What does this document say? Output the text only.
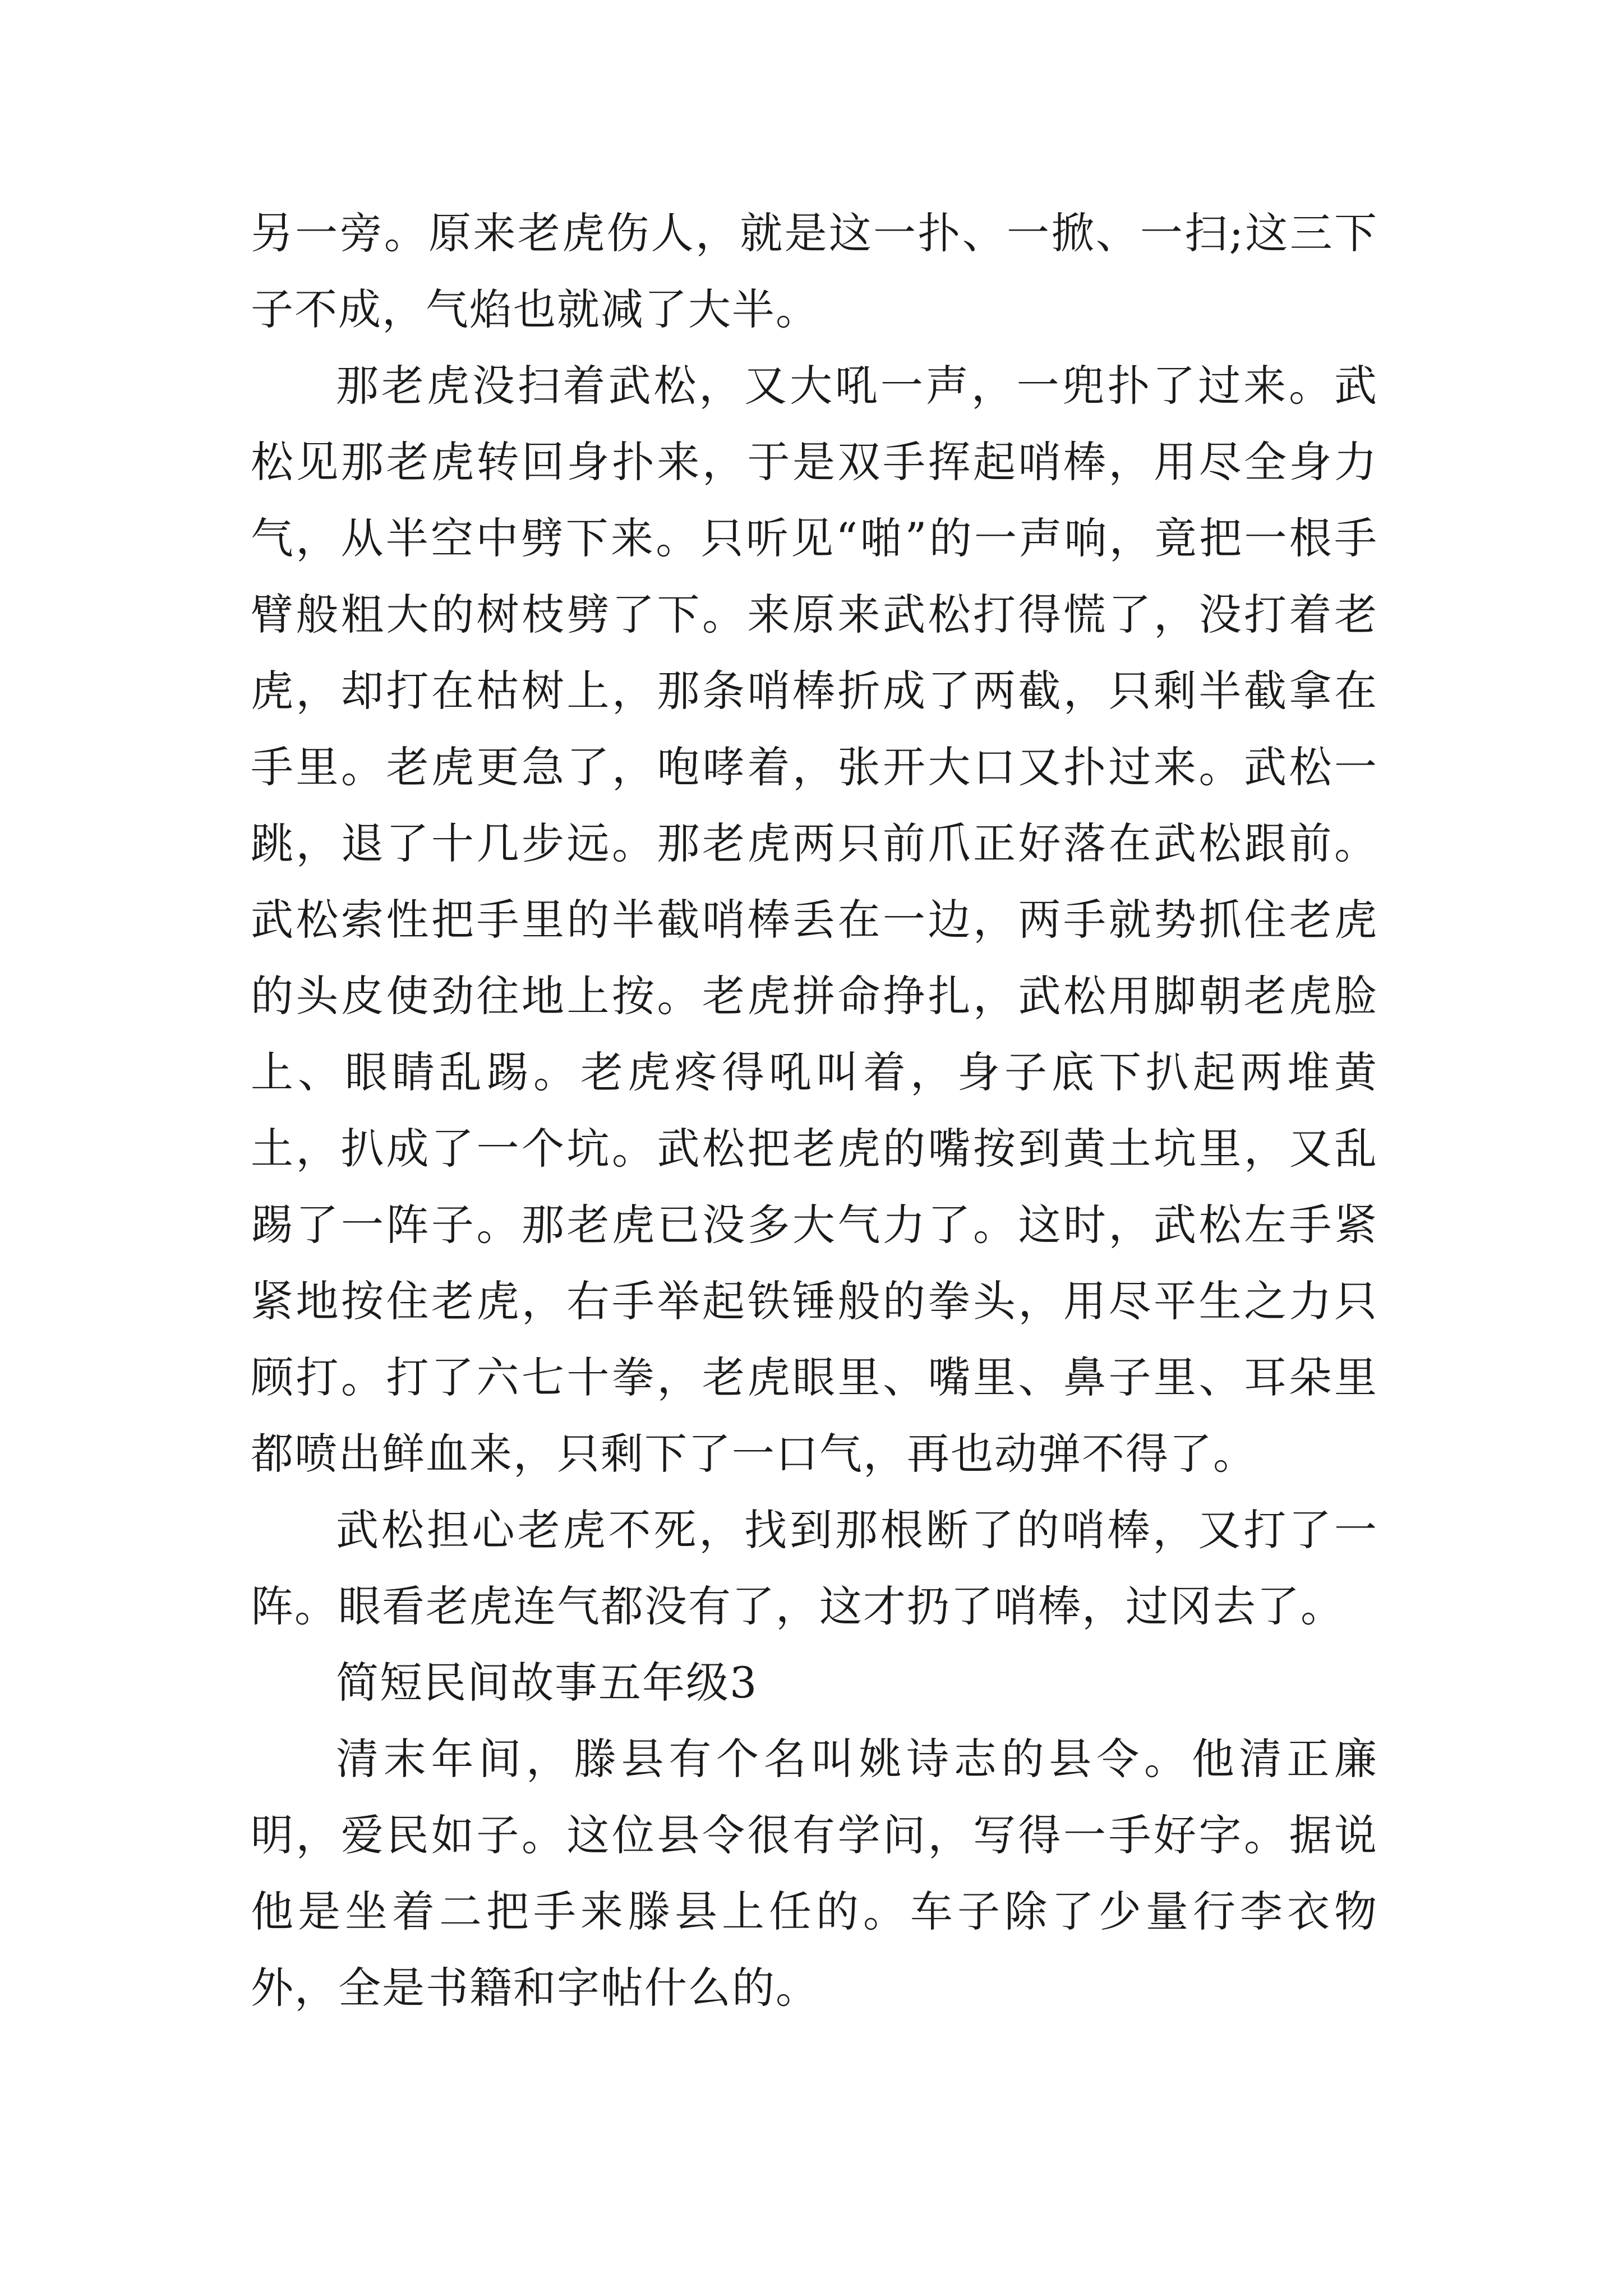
另一旁。原来老虎伤人，就是这一扑、一掀、一扫;这三下子不成，气焰也就减了大半。

那老虎没扫着武松，又大吼一声，一兜扑了过来。武松见那老虎转回身扑来，于是双手挥起哨棒，用尽全身力气，从半空中劈下来。只听见“啪”的一声响，竟把一根手臂般粗大的树枝劈了下。来原来武松打得慌了，没打着老虎，却打在枯树上，那条哨棒折成了两截，只剩半截拿在手里。老虎更急了，咆哮着，张开大口又扑过来。武松一跳，退了十几步远。那老虎两只前爪正好落在武松跟前。武松索性把手里的半截哨棒丢在一边，两手就势抓住老虎的头皮使劲往地上按。老虎拼命挣扎，武松用脚朝老虎脸上、眼睛乱踢。老虎疼得吼叫着，身子底下扒起两堆黄土，扒成了一个坑。武松把老虎的嘴按到黄土坑里，又乱踢了一阵子。那老虎已没多大气力了。这时，武松左手紧紧地按住老虎，右手举起铁锤般的拳头，用尽平生之力只顾打。打了六七十拳，老虎眼里、嘴里、鼻子里、耳朵里都喷出鲜血来，只剩下了一口气，再也动弹不得了。

武松担心老虎不死，找到那根断了的哨棒，又打了一阵。眼看老虎连气都没有了，这才扔了哨棒，过冈去了。

简短民间故事五年级3

清末年间，滕县有个名叫姚诗志的县令。他清正廉明，爱民如子。这位县令很有学问，写得一手好字。据说他是坐着二把手来滕县上任的。车子除了少量行李衣物外，全是书籍和字帖什么的。
